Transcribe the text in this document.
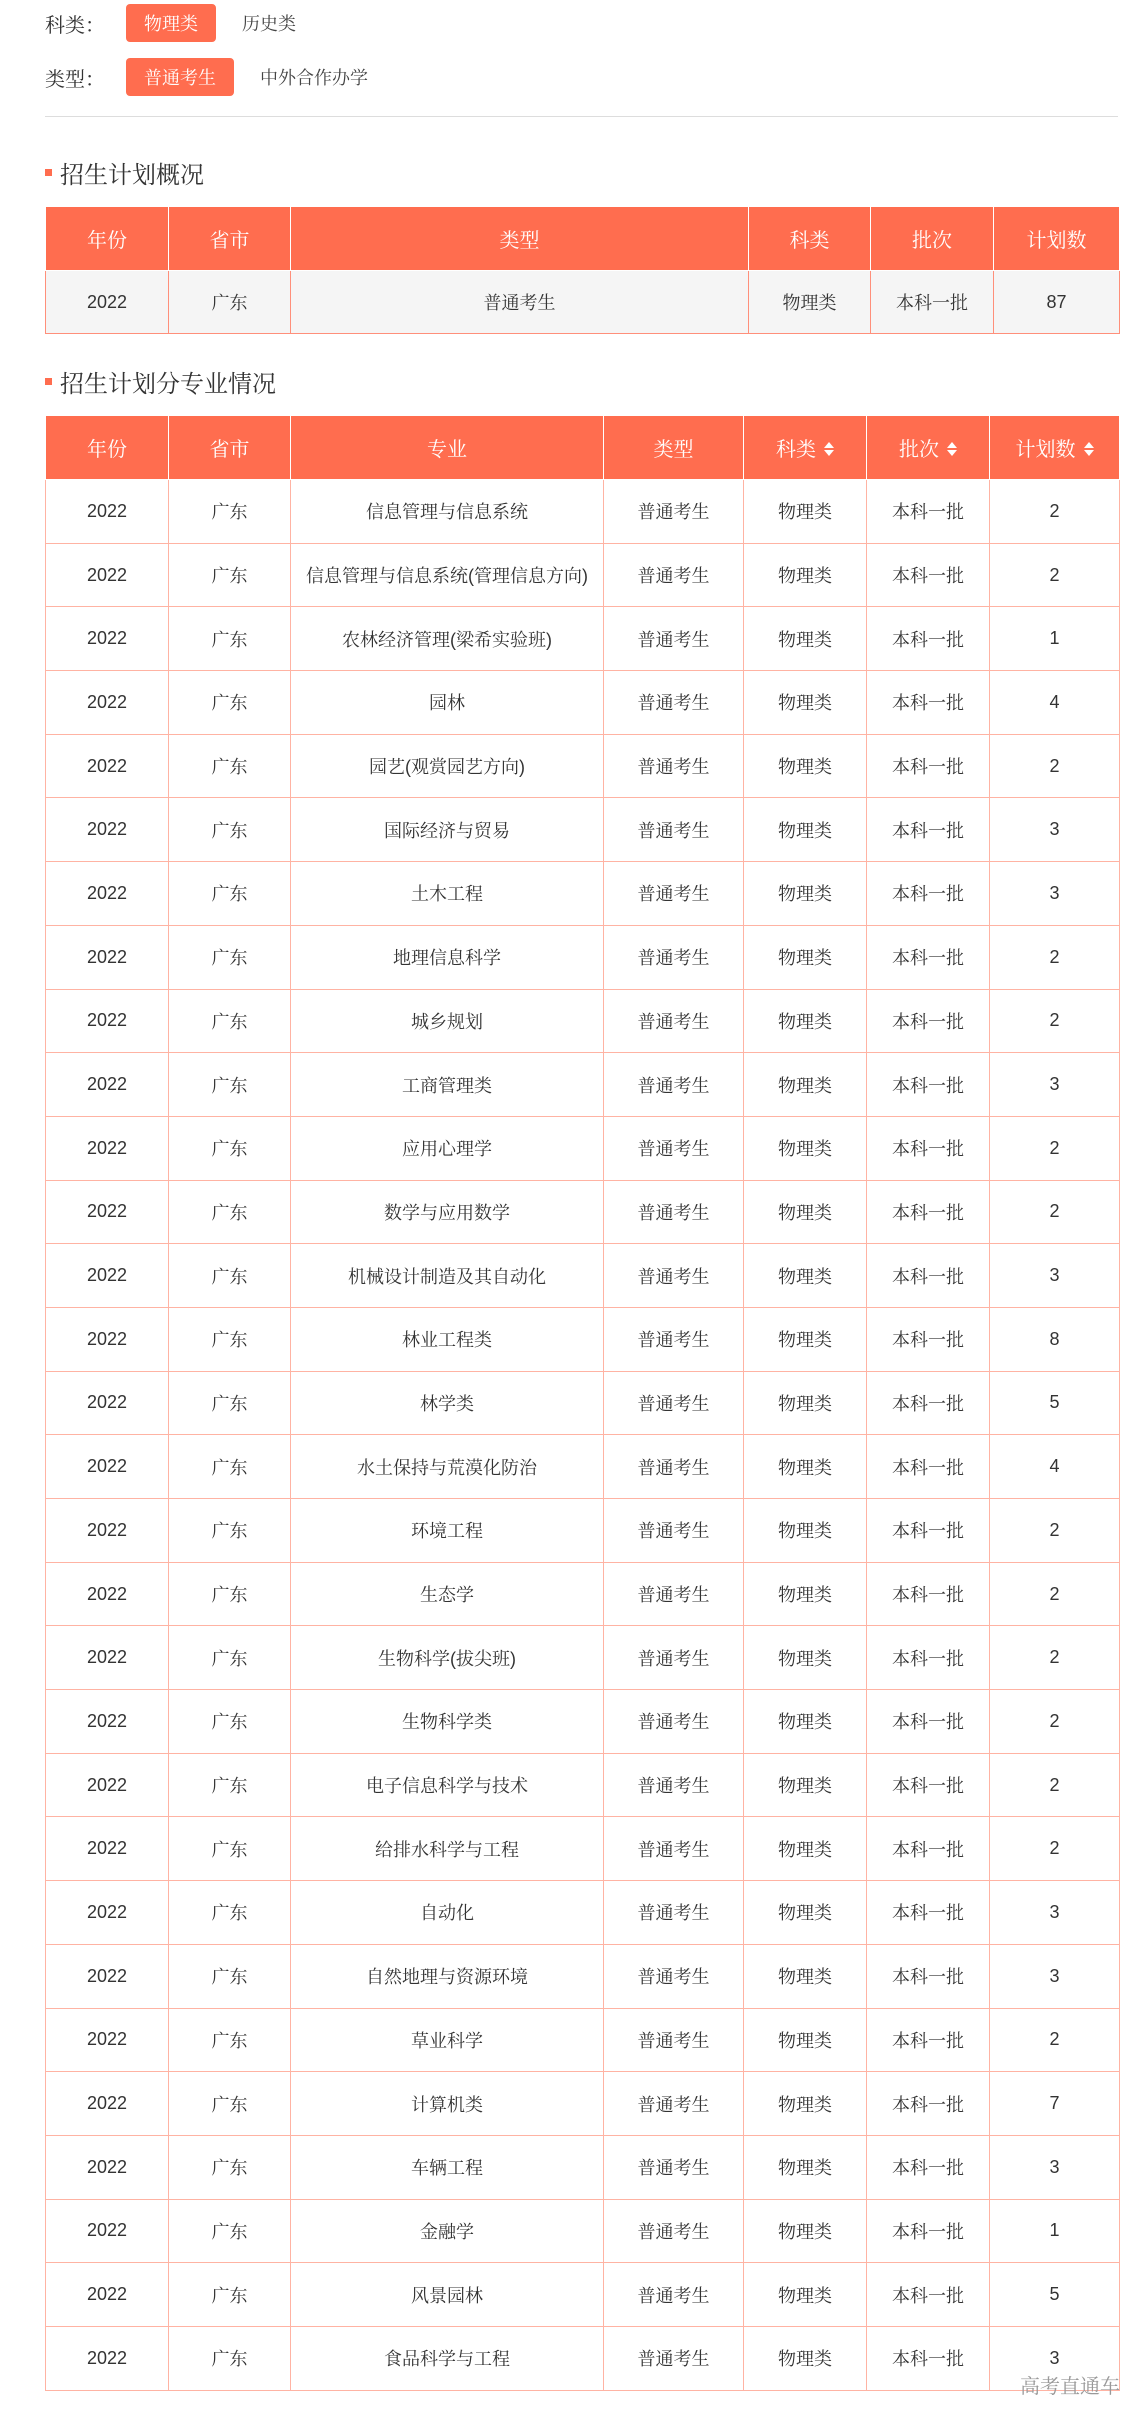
科类：	物理类	历史类
类型：	普通考生	中外合作办学
招生计划概况
年份	省市	类型	科类	批次	计划数
2022	广东	普通考生	物理类	本科一批	87
招生计划分专业情况
年份	省市	专业	类型	科类	批次	计划数
2022	广东	信息管理与信息系统	普通考生	物理类	本科一批	2
2022	广东	信息管理与信息系统(管理信息方向)	普通考生	物理类	本科一批	2
2022	广东	农林经济管理(梁希实验班)	普通考生	物理类	本科一批	1
2022	广东	园林	普通考生	物理类	本科一批	4
2022	广东	园艺(观赏园艺方向)	普通考生	物理类	本科一批	2
2022	广东	国际经济与贸易	普通考生	物理类	本科一批	3
2022	广东	土木工程	普通考生	物理类	本科一批	3
2022	广东	地理信息科学	普通考生	物理类	本科一批	2
2022	广东	城乡规划	普通考生	物理类	本科一批	2
2022	广东	工商管理类	普通考生	物理类	本科一批	3
2022	广东	应用心理学	普通考生	物理类	本科一批	2
2022	广东	数学与应用数学	普通考生	物理类	本科一批	2
2022	广东	机械设计制造及其自动化	普通考生	物理类	本科一批	3
2022	广东	林业工程类	普通考生	物理类	本科一批	8
2022	广东	林学类	普通考生	物理类	本科一批	5
2022	广东	水土保持与荒漠化防治	普通考生	物理类	本科一批	4
2022	广东	环境工程	普通考生	物理类	本科一批	2
2022	广东	生态学	普通考生	物理类	本科一批	2
2022	广东	生物科学(拔尖班)	普通考生	物理类	本科一批	2
2022	广东	生物科学类	普通考生	物理类	本科一批	2
2022	广东	电子信息科学与技术	普通考生	物理类	本科一批	2
2022	广东	给排水科学与工程	普通考生	物理类	本科一批	2
2022	广东	自动化	普通考生	物理类	本科一批	3
2022	广东	自然地理与资源环境	普通考生	物理类	本科一批	3
2022	广东	草业科学	普通考生	物理类	本科一批	2
2022	广东	计算机类	普通考生	物理类	本科一批	7
2022	广东	车辆工程	普通考生	物理类	本科一批	3
2022	广东	金融学	普通考生	物理类	本科一批	1
2022	广东	风景园林	普通考生	物理类	本科一批	5
2022	广东	食品科学与工程	普通考生	物理类	本科一批	3
高考直通车
